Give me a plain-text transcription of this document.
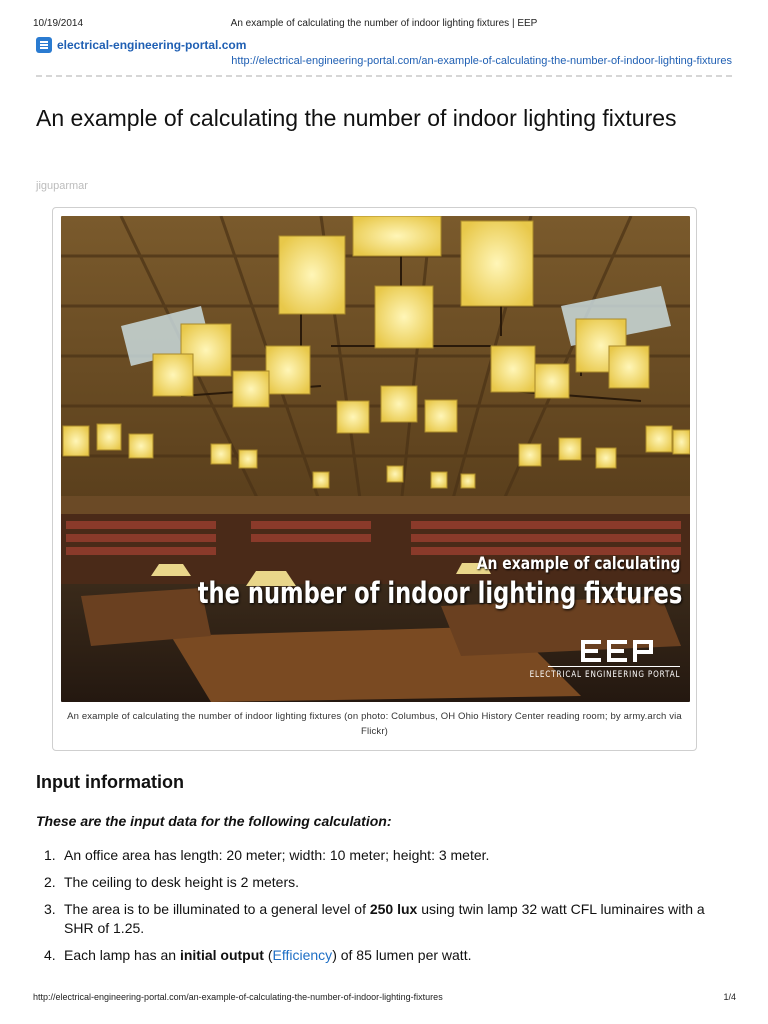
10/19/2014	An example of calculating the number of indoor lighting fixtures | EEP
electrical-engineering-portal.com
http://electrical-engineering-portal.com/an-example-of-calculating-the-number-of-indoor-lighting-fixtures
An example of calculating the number of indoor lighting fixtures
jiguparmar
An example of calculating
the number of indoor lighting fixtures
ELECTRICAL ENGINEERING PORTAL
An example of calculating the number of indoor lighting fixtures (on photo: Columbus, OH Ohio History Center reading room; by army.arch via Flickr)
Input information

These are the input data for the following calculation:

1. An office area has length: 20 meter; width: 10 meter; height: 3 meter.
2. The ceiling to desk height is 2 meters.
3. The area is to be illuminated to a general level of 250 lux using twin lamp 32 watt CFL luminaires with a SHR of 1.25.
4. Each lamp has an initial output (Efficiency) of 85 lumen per watt.
http://electrical-engineering-portal.com/an-example-of-calculating-the-number-of-indoor-lighting-fixtures	1/4
